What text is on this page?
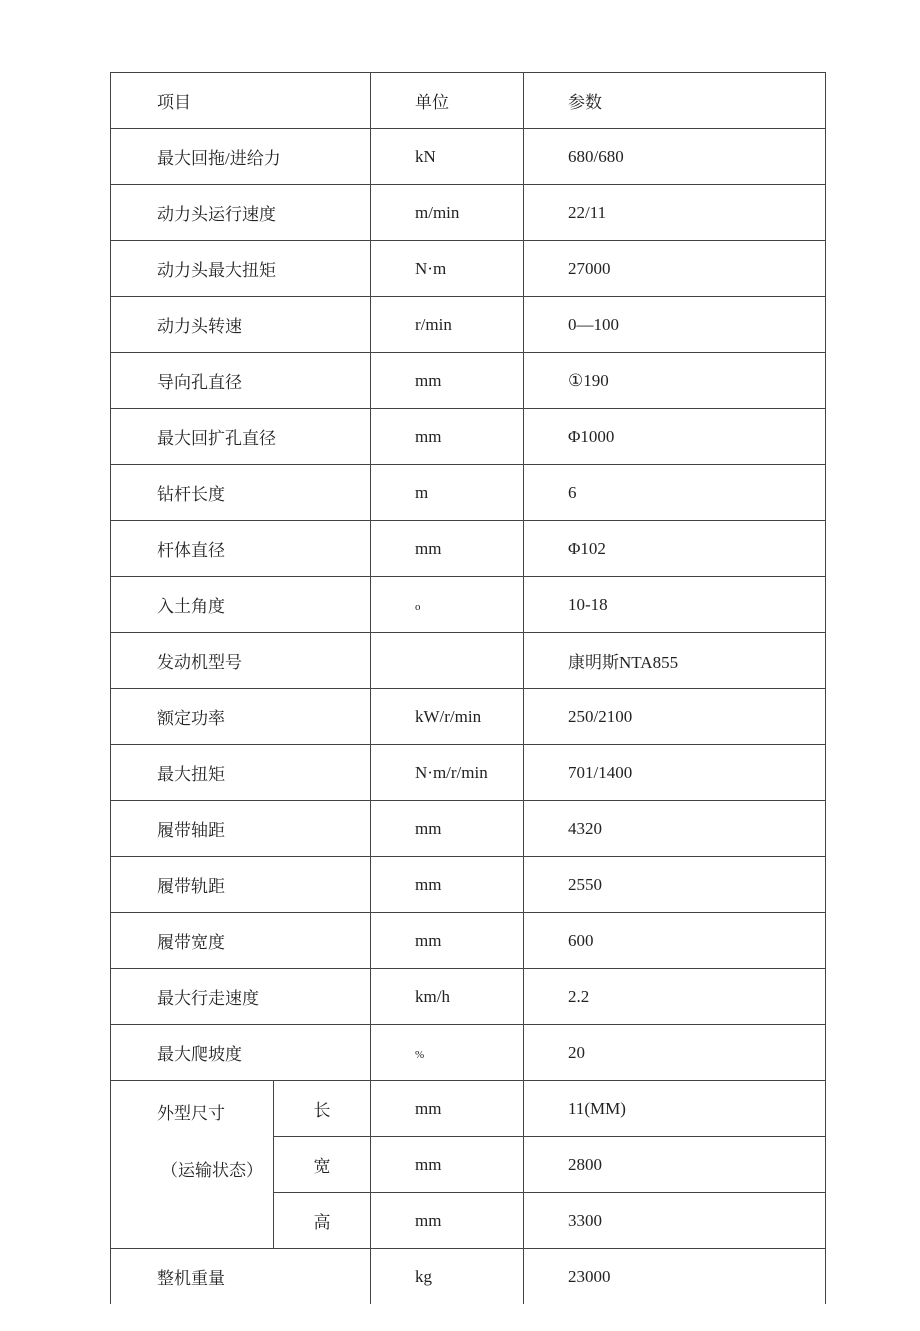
项目		单位	参数
最大回拖/进给力		kN	680/680
动力头运行速度		m/min	22/11
动力头最大扭矩		N·m	27000
动力头转速		r/min	0—100
导向孔直径		mm	①190
最大回扩孔直径		mm	Φ1000
钻杆长度		m	6
杆体直径		mm	Φ102
入土角度		o	10-18
发动机型号			康明斯NTA855
额定功率		kW/r/min	250/2100
最大扭矩		N·m/r/min	701/1400
履带轴距		mm	4320
履带轨距		mm	2550
履带宽度		mm	600
最大行走速度		km/h	2.2
最大爬坡度		%	20

外型尺寸
（运输状态）	长	mm	11(MM)
	宽	mm	2800
	高	mm	3300
整机重量		kg	23000
